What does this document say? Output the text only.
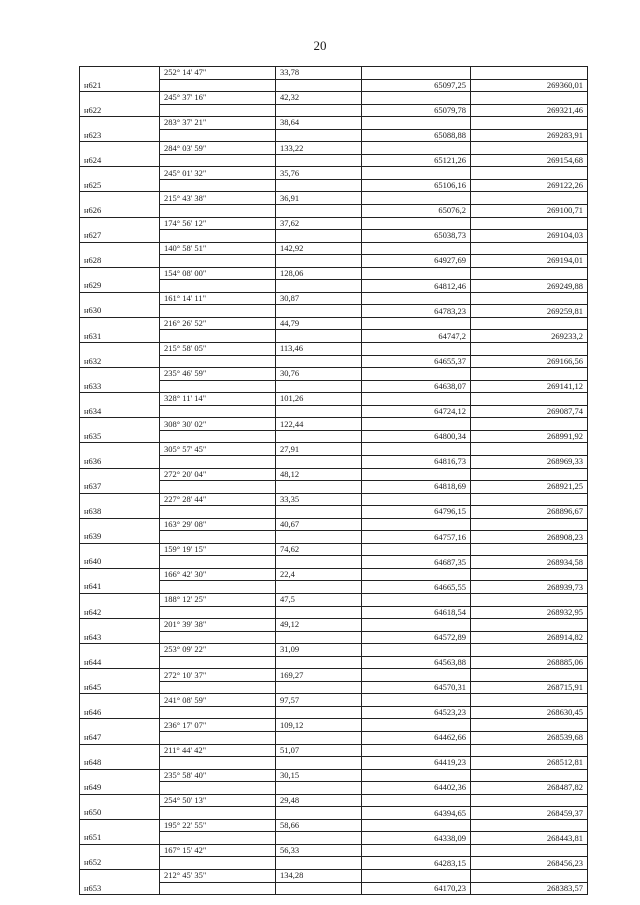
20
	252° 14' 47"	33,78		
н621			65097,25	269360,01
	245° 37' 16"	42,32		
н622			65079,78	269321,46
	283° 37' 21"	38,64		
н623			65088,88	269283,91
	284° 03' 59"	133,22		
н624			65121,26	269154,68
	245° 01' 32"	35,76		
н625			65106,16	269122,26
	215° 43' 38"	36,91		
н626			65076,2	269100,71
	174° 56' 12"	37,62		
н627			65038,73	269104,03
	140° 58' 51"	142,92		
н628			64927,69	269194,01
	154° 08' 00"	128,06		
н629			64812,46	269249,88
	161° 14' 11"	30,87		
н630			64783,23	269259,81
	216° 26' 52"	44,79		
н631			64747,2	269233,2
	215° 58' 05"	113,46		
н632			64655,37	269166,56
	235° 46' 59"	30,76		
н633			64638,07	269141,12
	328° 11' 14"	101,26		
н634			64724,12	269087,74
	308° 30' 02"	122,44		
н635			64800,34	268991,92
	305° 57' 45"	27,91		
н636			64816,73	268969,33
	272° 20' 04"	48,12		
н637			64818,69	268921,25
	227° 28' 44"	33,35		
н638			64796,15	268896,67
	163° 29' 08"	40,67		
н639			64757,16	268908,23
	159° 19' 15"	74,62		
н640			64687,35	268934,58
	166° 42' 30"	22,4		
н641			64665,55	268939,73
	188° 12' 25"	47,5		
н642			64618,54	268932,95
	201° 39' 38"	49,12		
н643			64572,89	268914,82
	253° 09' 22"	31,09		
н644			64563,88	268885,06
	272° 10' 37"	169,27		
н645			64570,31	268715,91
	241° 08' 59"	97,57		
н646			64523,23	268630,45
	236° 17' 07"	109,12		
н647			64462,66	268539,68
	211° 44' 42"	51,07		
н648			64419,23	268512,81
	235° 58' 40"	30,15		
н649			64402,36	268487,82
	254° 50' 13"	29,48		
н650			64394,65	268459,37
	195° 22' 55"	58,66		
н651			64338,09	268443,81
	167° 15' 42"	56,33		
н652			64283,15	268456,23
	212° 45' 35"	134,28		
н653			64170,23	268383,57
